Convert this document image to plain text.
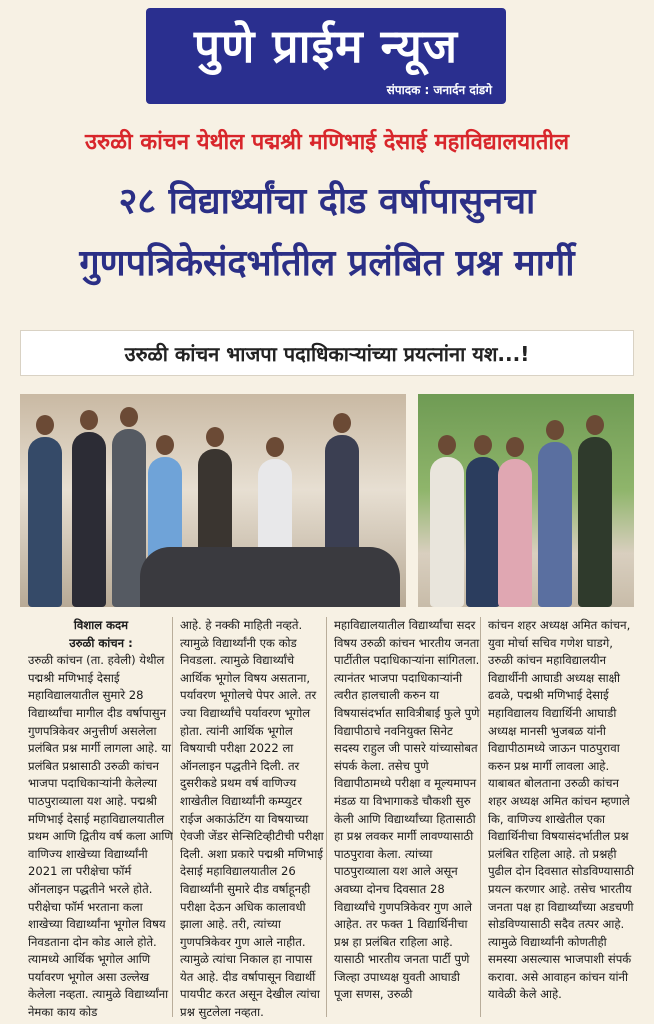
पुणे प्राईम न्यूज
संपादक : जनार्दन दांडगे
उरुळी कांचन येथील पद्मश्री मणिभाई देसाई महाविद्यालयातील
२८ विद्यार्थ्यांचा दीड वर्षापासुनचा
गुणपत्रिकेसंदर्भातील प्रलंबित प्रश्न मार्गी
उरुळी कांचन भाजपा पदाधिकाऱ्यांच्या प्रयत्नांना यश...!

विशाल कदम

उरुळी कांचन :

उरुळी कांचन (ता. हवेली) येथील पद्मश्री मणिभाई देसाई महाविद्यालयातील सुमारे 28 विद्यार्थ्यांचा मागील दीड वर्षापासुन गुणपत्रिकेवर अनुत्तीर्ण असलेला प्रलंबित प्रश्न मार्गी लागला आहे. या प्रलंबित प्रश्नासाठी उरुळी कांचन भाजपा पदाधिकाऱ्यांनी केलेल्या पाठपुराव्याला यश आहे. पद्मश्री मणिभाई देसाई महाविद्यालयातील प्रथम आणि द्वितीय वर्ष कला आणि वाणिज्य शाखेच्या विद्यार्थ्यांनी 2021 ला परीक्षेचा फॉर्म ऑनलाइन पद्धतीने भरले होते. परीक्षेचा फॉर्म भरताना कला शाखेच्या विद्यार्थ्यांना भूगोल विषय निवडताना दोन कोड आले होते. त्यामध्ये आर्थिक भूगोल आणि पर्यावरण भूगोल असा उल्लेख केलेला नव्हता. त्यामुळे विद्यार्थ्यांना नेमका काय कोड

आहे. हे नक्की माहिती नव्हते. त्यामुळे विद्यार्थ्यांनी एक कोड निवडला. त्यामुळे विद्यार्थ्यांचे आर्थिक भूगोल विषय असताना, पर्यावरण भूगोलचे पेपर आले. तर ज्या विद्यार्थ्यांचे पर्यावरण भूगोल होता. त्यांनी आर्थिक भूगोल विषयाची परीक्षा 2022 ला ऑनलाइन पद्धतीने दिली. तर दुसरीकडे प्रथम वर्ष वाणिज्य शाखेतील विद्यार्थ्यांनी कम्प्युटर राईज अकाऊंटिंग या विषयाच्या ऐवजी जेंडर सेन्सिटिव्हीटीची परीक्षा दिली. अशा प्रकारे पद्मश्री मणिभाई देसाई महाविद्यालयातील 26 विद्यार्थ्यांनी सुमारे दीड वर्षाहूनही परीक्षा देऊन अधिक कालावधी झाला आहे. तरी, त्यांच्या गुणपत्रिकेवर गुण आले नाहीत. त्यामुळे त्यांचा निकाल हा नापास येत आहे. दीड वर्षापासून विद्यार्थी पायपीट करत असून देखील त्यांचा प्रश्न सुटलेला नव्हता.

महाविद्यालयातील विद्यार्थ्यांचा सदर विषय उरुळी कांचन भारतीय जनता पार्टीतील पदाधिकाऱ्यांना सांगितला. त्यानंतर भाजपा पदाधिकाऱ्यांनी त्वरीत हालचाली करुन या विषयासंदर्भात सावित्रीबाई फुले पुणे विद्यापीठाचे नवनियुक्त सिनेट सदस्य राहुल जी पासरे यांच्यासोबत संपर्क केला. तसेच पुणे विद्यापीठामध्ये परीक्षा व मूल्यमापन मंडळ या विभागाकडे चौकशी सुरु केली आणि विद्यार्थ्यांच्या हितासाठी हा प्रश्न लवकर मार्गी लावण्यासाठी पाठपुरावा केला. त्यांच्या पाठपुराव्याला यश आले असून अवघ्या दोनच दिवसात 28 विद्यार्थ्यांचे गुणपत्रिकेवर गुण आले आहेत. तर फक्त 1 विद्यार्थिनीचा प्रश्न हा प्रलंबित राहिला आहे. यासाठी भारतीय जनता पार्टी पुणे जिल्हा उपाध्यक्ष युवती आघाडी पूजा सणस, उरुळी

कांचन शहर अध्यक्ष अमित कांचन, युवा मोर्चा सचिव गणेश घाडगे, उरुळी कांचन महाविद्यालयीन विद्यार्थीनी आघाडी अध्यक्ष साक्षी ढवळे, पद्मश्री मणिभाई देसाई महाविद्यालय विद्यार्थिनी आघाडी अध्यक्ष मानसी भुजबळ यांनी विद्यापीठामध्ये जाऊन पाठपुरावा करुन प्रश्न मार्गी लावला आहे. याबाबत बोलताना उरुळी कांचन शहर अध्यक्ष अमित कांचन म्हणाले कि, वाणिज्य शाखेतील एका विद्यार्थिनीचा विषयासंदर्भातील प्रश्न प्रलंबित राहिला आहे. तो प्रश्नही पुढील दोन दिवसात सोडविण्यासाठी प्रयत्न करणार आहे. तसेच भारतीय जनता पक्ष हा विद्यार्थ्यांच्या अडचणी सोडविण्यासाठी सदैव तत्पर आहे. त्यामुळे विद्यार्थ्यांनी कोणतीही समस्या असल्यास भाजपाशी संपर्क करावा. असे आवाहन कांचन यांनी यावेळी केले आहे.
